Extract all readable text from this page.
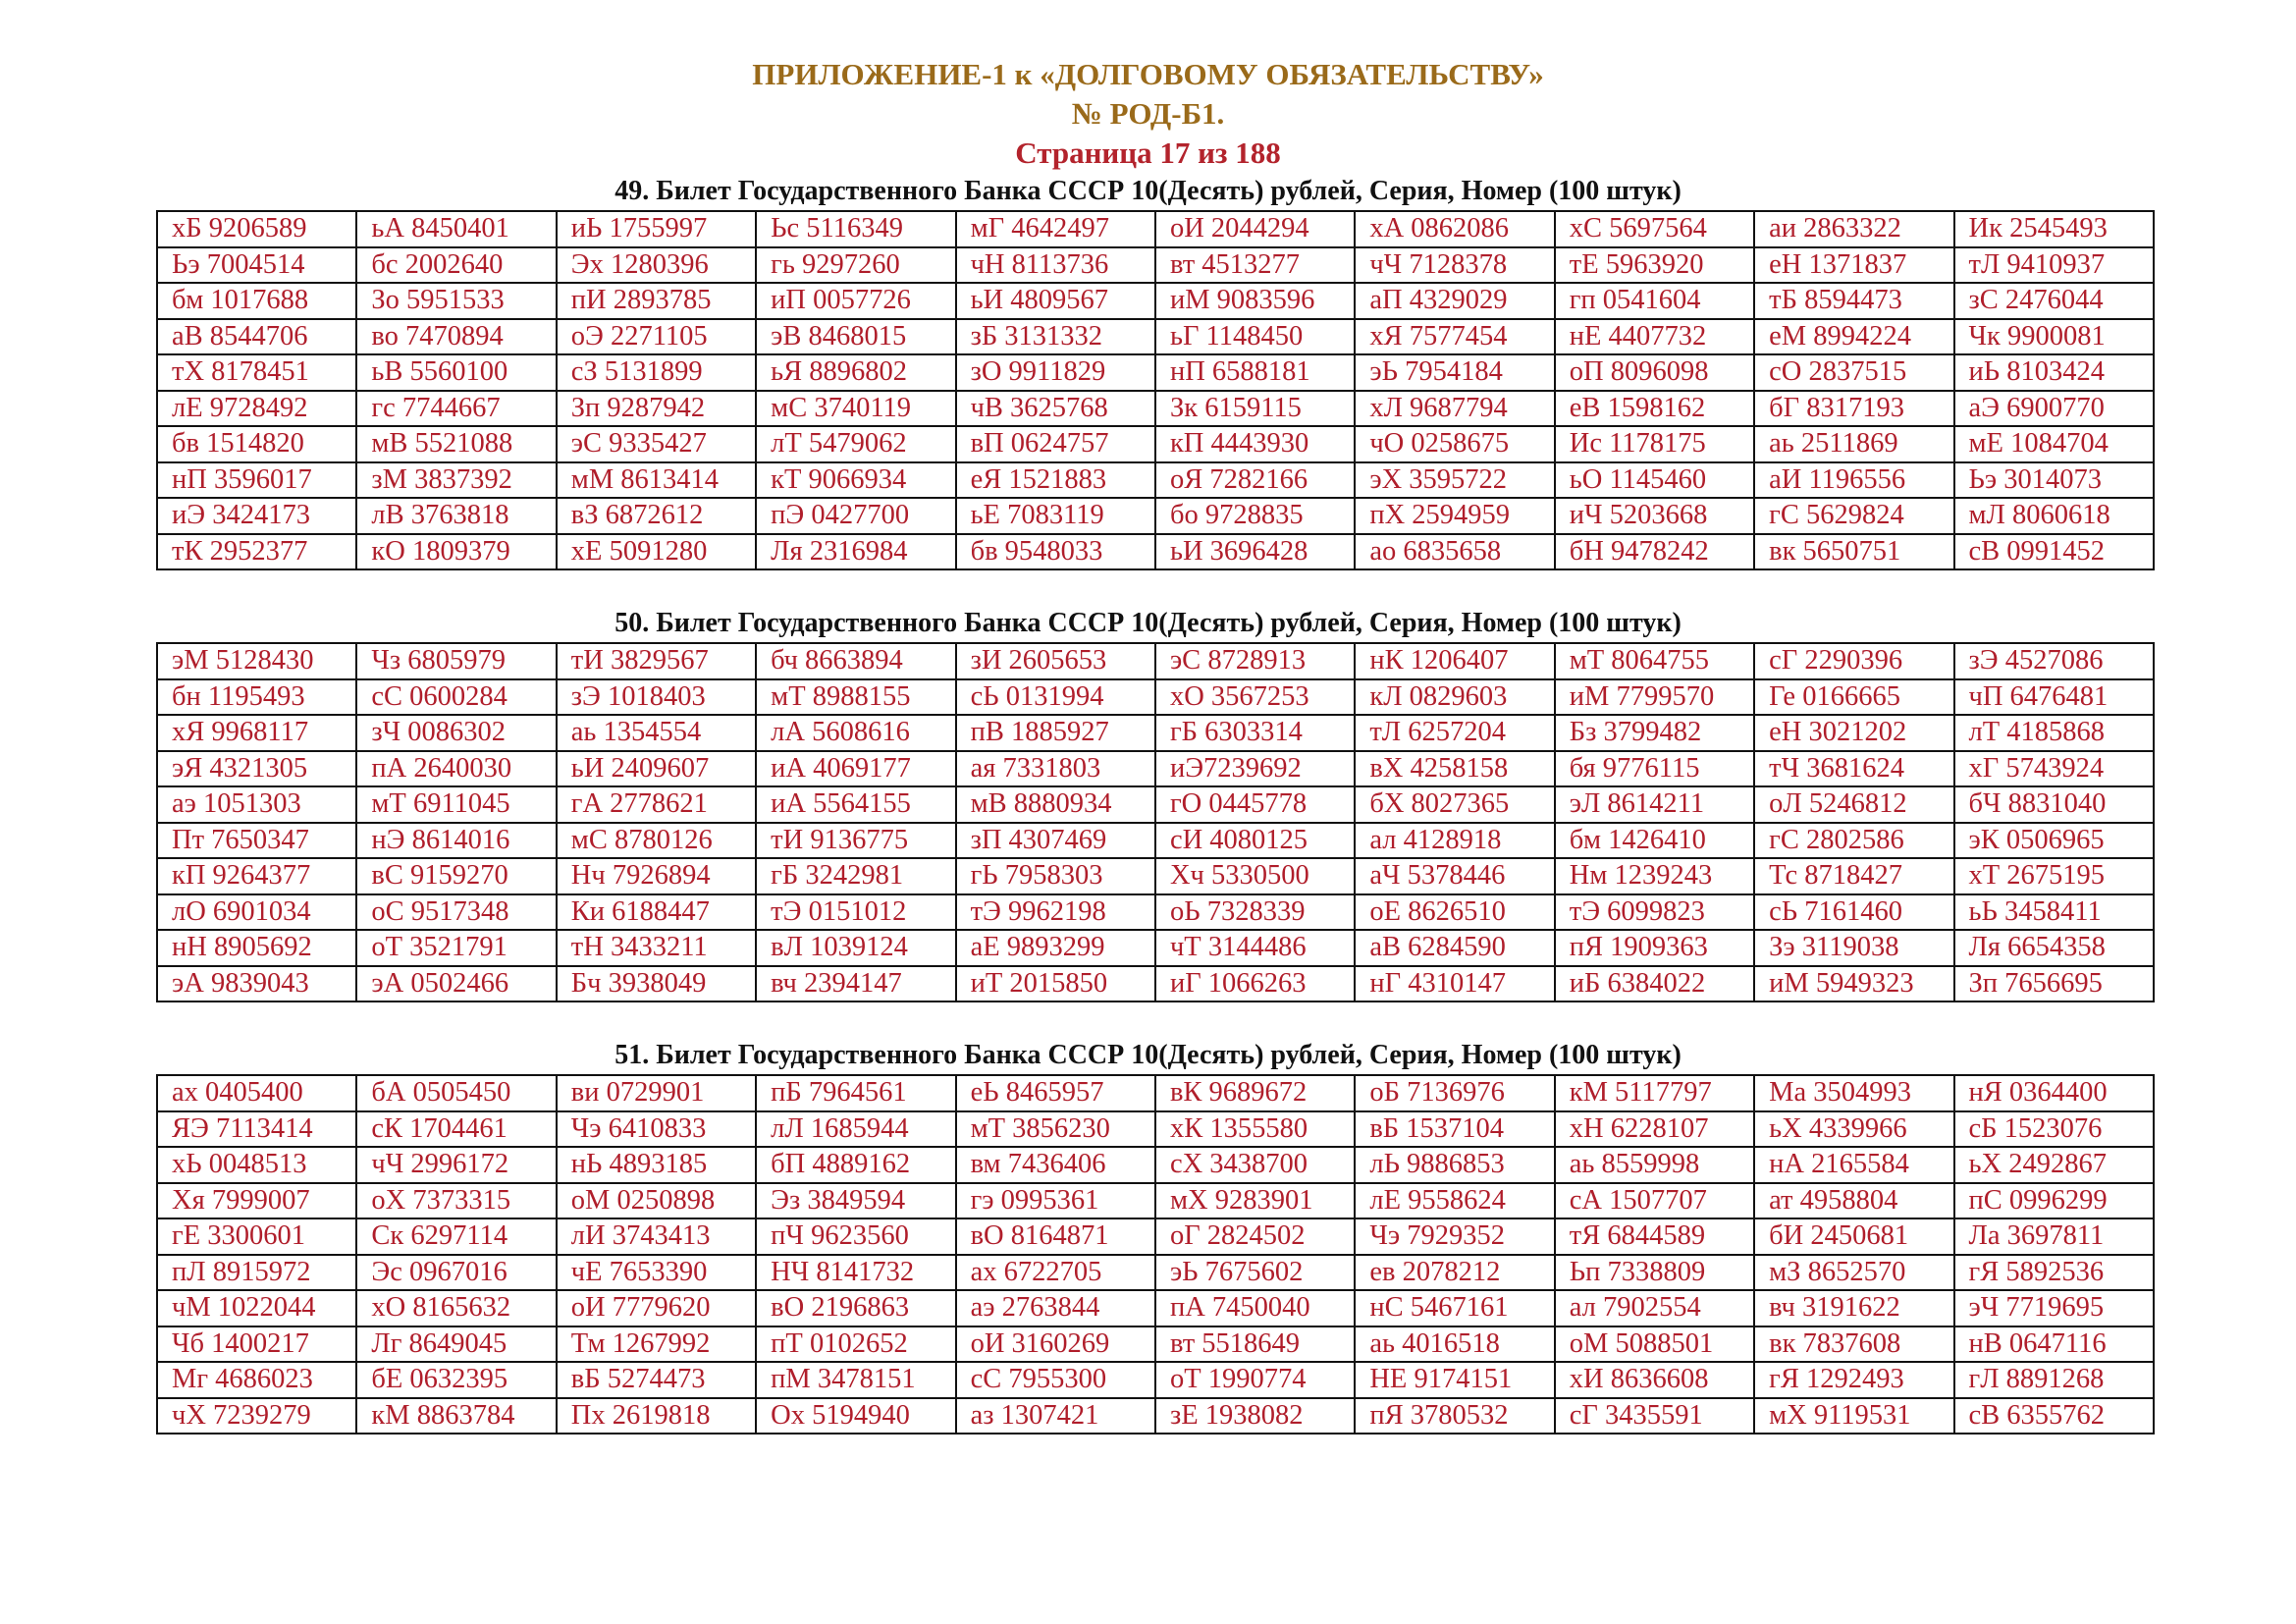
ПРИЛОЖЕНИЕ-1 к «ДОЛГОВОМУ ОБЯЗАТЕЛЬСТВУ»
№ РОД-Б1.
Страница 17 из 188
49. Билет Государственного Банка СССР 10(Десять) рублей, Серия, Номер (100 штук)
хБ 9206589	ьА 8450401	иЬ 1755997	Ьс 5116349	мГ 4642497	оИ 2044294	хА 0862086	хС 5697564	аи 2863322	Ик 2545493
Ьэ 7004514	бс 2002640	Эх 1280396	гь 9297260	чН 8113736	вт 4513277	чЧ 7128378	тЕ 5963920	еН 1371837	тЛ 9410937
бм 1017688	Зо 5951533	пИ 2893785	иП 0057726	ьИ 4809567	иМ 9083596	аП 4329029	гп 0541604	тБ 8594473	зС 2476044
аВ 8544706	во 7470894	оЭ 2271105	эВ 8468015	зБ 3131332	ьГ 1148450	хЯ 7577454	нЕ 4407732	еМ 8994224	Чк 9900081
тХ 8178451	ьВ 5560100	сЗ 5131899	ьЯ 8896802	зО 9911829	нП 6588181	эЬ 7954184	оП 8096098	сО 2837515	иЬ 8103424
лЕ 9728492	гс 7744667	Зп 9287942	мС 3740119	чВ 3625768	Зк 6159115	хЛ 9687794	еВ 1598162	бГ 8317193	аЭ 6900770
бв 1514820	мВ 5521088	эС 9335427	лТ 5479062	вП 0624757	кП 4443930	чО 0258675	Ис 1178175	аь 2511869	мЕ 1084704
нП 3596017	зМ 3837392	мМ 8613414	кТ 9066934	еЯ 1521883	оЯ 7282166	эХ 3595722	ьО 1145460	аИ 1196556	Ьэ 3014073
иЭ 3424173	лВ 3763818	вЗ 6872612	пЭ 0427700	ьЕ 7083119	бо 9728835	пХ 2594959	иЧ 5203668	гС 5629824	мЛ 8060618
тК 2952377	кО 1809379	хЕ 5091280	Ля 2316984	бв 9548033	ьИ 3696428	ао 6835658	бН 9478242	вк 5650751	сВ 0991452
50. Билет Государственного Банка СССР 10(Десять) рублей, Серия, Номер (100 штук)
эМ 5128430	Чз 6805979	тИ 3829567	бч 8663894	зИ 2605653	эС 8728913	нК 1206407	мТ 8064755	сГ 2290396	зЭ 4527086
бн 1195493	сС 0600284	зЭ 1018403	мТ 8988155	сЬ 0131994	хО 3567253	кЛ 0829603	иМ 7799570	Ге 0166665	чП 6476481
хЯ 9968117	зЧ 0086302	аь 1354554	лА 5608616	пВ 1885927	гБ 6303314	тЛ 6257204	Бз 3799482	еН 3021202	лТ 4185868
эЯ 4321305	пА 2640030	ьИ 2409607	иА 4069177	ая 7331803	иЭ7239692	вХ 4258158	бя 9776115	тЧ 3681624	хГ 5743924
аэ 1051303	мТ 6911045	гА 2778621	иА 5564155	мВ 8880934	гО 0445778	бХ 8027365	эЛ 8614211	оЛ 5246812	бЧ 8831040
Пт 7650347	нЭ 8614016	мС 8780126	тИ 9136775	зП 4307469	сИ 4080125	ал 4128918	бм 1426410	гС 2802586	эК 0506965
кП 9264377	вС 9159270	Нч 7926894	гБ 3242981	гЬ 7958303	Хч 5330500	аЧ 5378446	Нм 1239243	Тс 8718427	хТ 2675195
лО 6901034	оС 9517348	Ки 6188447	тЭ 0151012	тЭ 9962198	оЬ 7328339	оЕ 8626510	тЭ 6099823	сЬ 7161460	ьЬ 3458411
нН 8905692	оТ 3521791	тН 3433211	вЛ 1039124	аЕ 9893299	чТ 3144486	аВ 6284590	пЯ 1909363	Зэ 3119038	Ля 6654358
эА 9839043	эА 0502466	Бч 3938049	вч 2394147	иТ 2015850	иГ 1066263	нГ 4310147	иБ 6384022	иМ 5949323	Зп 7656695
51. Билет Государственного Банка СССР 10(Десять) рублей, Серия, Номер (100 штук)
ах 0405400	бА 0505450	ви 0729901	пБ 7964561	еЬ 8465957	вК 9689672	оБ 7136976	кМ 5117797	Ма 3504993	нЯ 0364400
ЯЭ 7113414	сК 1704461	Чэ 6410833	лЛ 1685944	мТ 3856230	хК 1355580	вБ 1537104	хН 6228107	ьХ 4339966	сБ 1523076
хЬ 0048513	чЧ 2996172	нЬ 4893185	бП 4889162	вм 7436406	сХ 3438700	лЬ 9886853	аь 8559998	нА 2165584	ьХ 2492867
Хя 7999007	оХ 7373315	оМ 0250898	Эз 3849594	гэ 0995361	мХ 9283901	лЕ 9558624	сА 1507707	ат 4958804	пС 0996299
гЕ 3300601	Ск 6297114	лИ 3743413	пЧ 9623560	вО 8164871	оГ 2824502	Чэ 7929352	тЯ 6844589	бИ 2450681	Ла 3697811
пЛ 8915972	Эс 0967016	чЕ 7653390	НЧ 8141732	ах 6722705	эЬ 7675602	ев 2078212	Ьп 7338809	мЗ 8652570	гЯ 5892536
чМ 1022044	хО 8165632	оИ 7779620	вО 2196863	аэ 2763844	пА 7450040	нС 5467161	ал 7902554	вч 3191622	эЧ 7719695
Чб 1400217	Лг 8649045	Тм 1267992	пТ 0102652	оИ 3160269	вт 5518649	аь 4016518	оМ 5088501	вк 7837608	нВ 0647116
Мг 4686023	бЕ 0632395	вБ 5274473	пМ 3478151	сС 7955300	оТ 1990774	НЕ 9174151	хИ 8636608	гЯ 1292493	гЛ 8891268
чХ 7239279	кМ 8863784	Пх 2619818	Ох 5194940	аз 1307421	зЕ 1938082	пЯ 3780532	сГ 3435591	мХ 9119531	сВ 6355762
